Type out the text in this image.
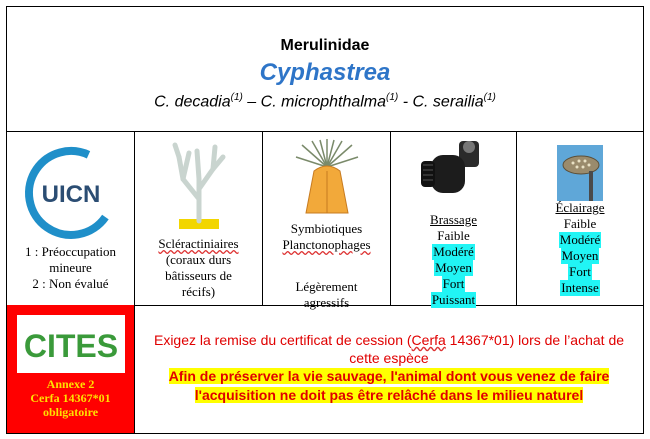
Merulinidae
Cyphastrea
C. decadia$^{(1)}$ – C. microphthalma$^{(1)}$ - C. serailia$^{(1)}$
UICN
1 : Préoccupation
mineure
2 : Non évalué
Scléractiniaires
(coraux durs
bâtisseurs de
récifs)
Symbiotiques
Planctonophages
Légèrement
agressifs
Brassage
Faible
Modéré
Moyen
Fort
Puissant
Éclairage
Faible
Modéré
Moyen
Fort
Intense
CITES
Annexe 2
Cerfa 14367*01
obligatoire
Exigez la remise du certificat de cession (Cerfa 14367*01) lors de l’achat de
cette espèce
Afin de préserver la vie sauvage, l'animal dont vous venez de faire
l'acquisition ne doit pas être relâché dans le milieu naturel
